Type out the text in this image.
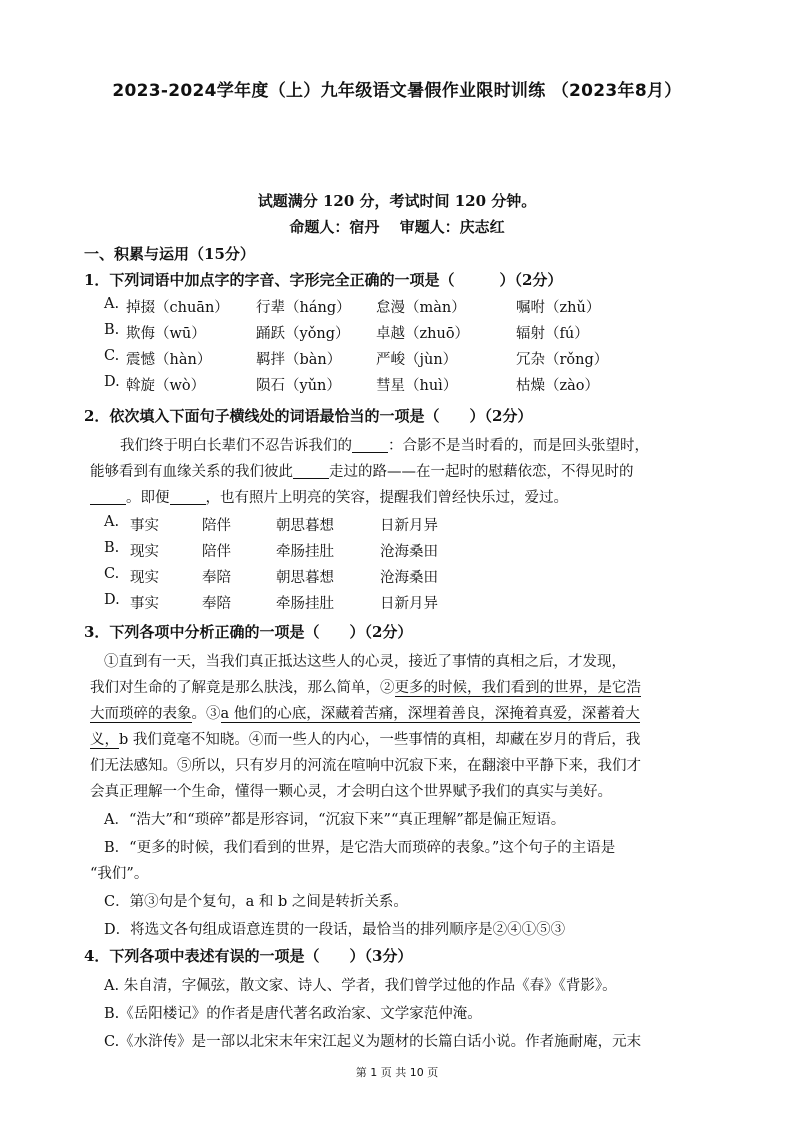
2023-2024学年度（上）九年级语文暑假作业限时训练 （2023年8月）
试题满分 120 分，考试时间 120 分钟。
命题人：宿丹　 审题人：庆志红
一、积累与运用（15分）
1．下列词语中加点字的字音、字形完全正确的一项是（　　　）（2分）
A. 掉掇（chuān） 行辈（háng） 怠漫（màn）	嘱咐（zhǔ）
B. 欺侮（wū）	踊跃（yǒng） 卓越（zhuō）	辐射（fú）
C. 震憾（hàn）	羁拌（bàn） 严峻（jùn）	冗杂（rǒng）
D. 斡旋（wò）	陨石（yǔn） 彗星（huì）	枯燥（zào）
2．依次填入下面句子横线处的词语最恰当的一项是（　　）（2分）
我们终于明白长辈们不忍告诉我们的 ：合影不是当时看的，而是回头张望时，
能够看到有血缘关系的我们彼此 走过的路——在一起时的慰藉依恋，不得见时的
。即便 ，也有照片上明亮的笑容，提醒我们曾经快乐过，爱过。
A. 事实	陪伴	朝思暮想	日新月异
B. 现实	陪伴	牵肠挂肚	沧海桑田
C. 现实	奉陪	朝思暮想	沧海桑田
D. 事实	奉陪	牵肠挂肚	日新月异
3．下列各项中分析正确的一项是（　　）（2分）
①直到有一天，当我们真正抵达这些人的心灵，接近了事情的真相之后，才发现，
我们对生命的了解竟是那么肤浅，那么简单，②更多的时候，我们看到的世界，是它浩
大而琐碎的表象。③a 他们的心底，深藏着苦痛，深埋着善良，深掩着真爱，深蓄着大
义，b 我们竟毫不知晓。④而一些人的内心，一些事情的真相，却藏在岁月的背后，我
们无法感知。⑤所以，只有岁月的河流在喧响中沉寂下来，在翻滚中平静下来，我们才
会真正理解一个生命，懂得一颗心灵，才会明白这个世界赋予我们的真实与美好。
A．“浩大”和“琐碎”都是形容词，“沉寂下来”“真正理解”都是偏正短语。
B．“更多的时候，我们看到的世界，是它浩大而琐碎的表象。”这个句子的主语是
“我们”。
C．第③句是个复句，a 和 b 之间是转折关系。
D．将选文各句组成语意连贯的一段话，最恰当的排列顺序是②④①⑤③
4．下列各项中表述有误的一项是（　　）（3分）
A. 朱自清，字佩弦，散文家、诗人、学者，我们曾学过他的作品《春》《背影》。
B.《岳阳楼记》的作者是唐代著名政治家、文学家范仲淹。
C.《水浒传》是一部以北宋末年宋江起义为题材的长篇白话小说。作者施耐庵，元末
第 1 页 共 10 页
